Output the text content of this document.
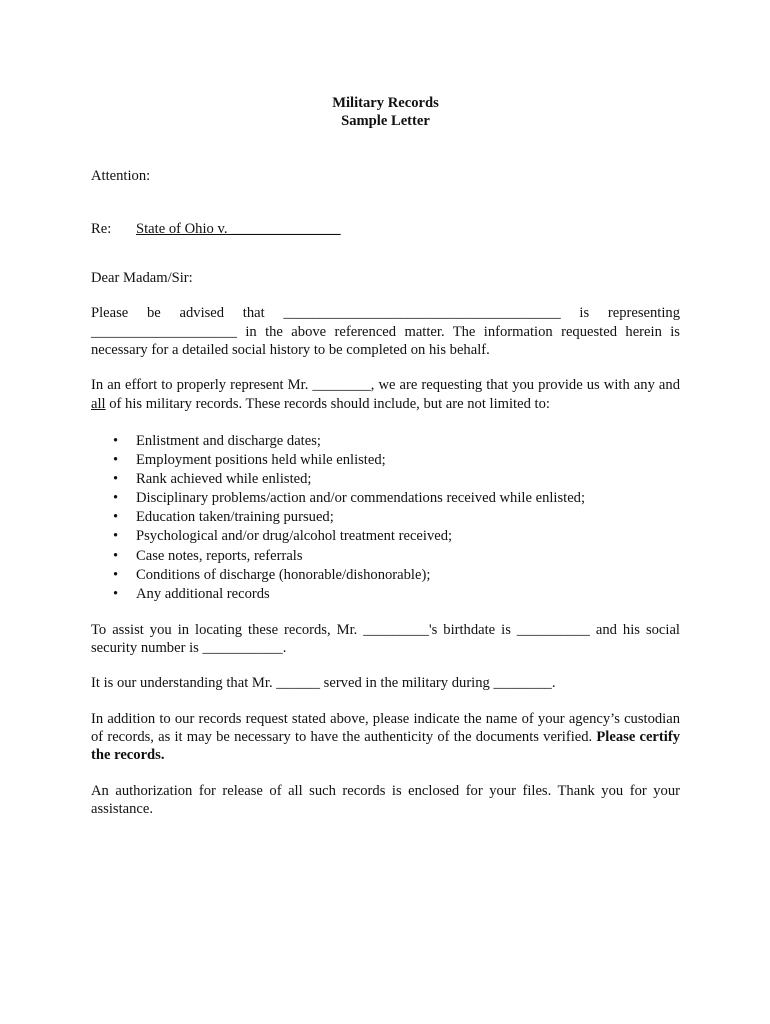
Military Records

Sample Letter

Attention:

Re:	State of Ohio v. _______________

Dear Madam/Sir:

Please be advised that ______________________________________ is representing

____________________ in the above referenced matter. The information requested herein is necessary for a detailed social history to be completed on his behalf.

In an effort to properly represent Mr. ________, we are requesting that you provide us with any and all of his military records. These records should include, but are not limited to:

•	Enlistment and discharge dates;
•	Employment positions held while enlisted;
•	Rank achieved while enlisted;
•	Disciplinary problems/action and/or commendations received while enlisted;
•	Education taken/training pursued;
•	Psychological and/or drug/alcohol treatment received;
•	Case notes, reports, referrals
•	Conditions of discharge (honorable/dishonorable);
•	Any additional records

To assist you in locating these records, Mr. _________'s birthdate is __________ and his social security number is ___________.

It is our understanding that Mr. ______ served in the military during ________.

In addition to our records request stated above, please indicate the name of your agency’s custodian of records, as it may be necessary to have the authenticity of the documents verified. Please certify the records.

An authorization for release of all such records is enclosed for your files. Thank you for your assistance.
